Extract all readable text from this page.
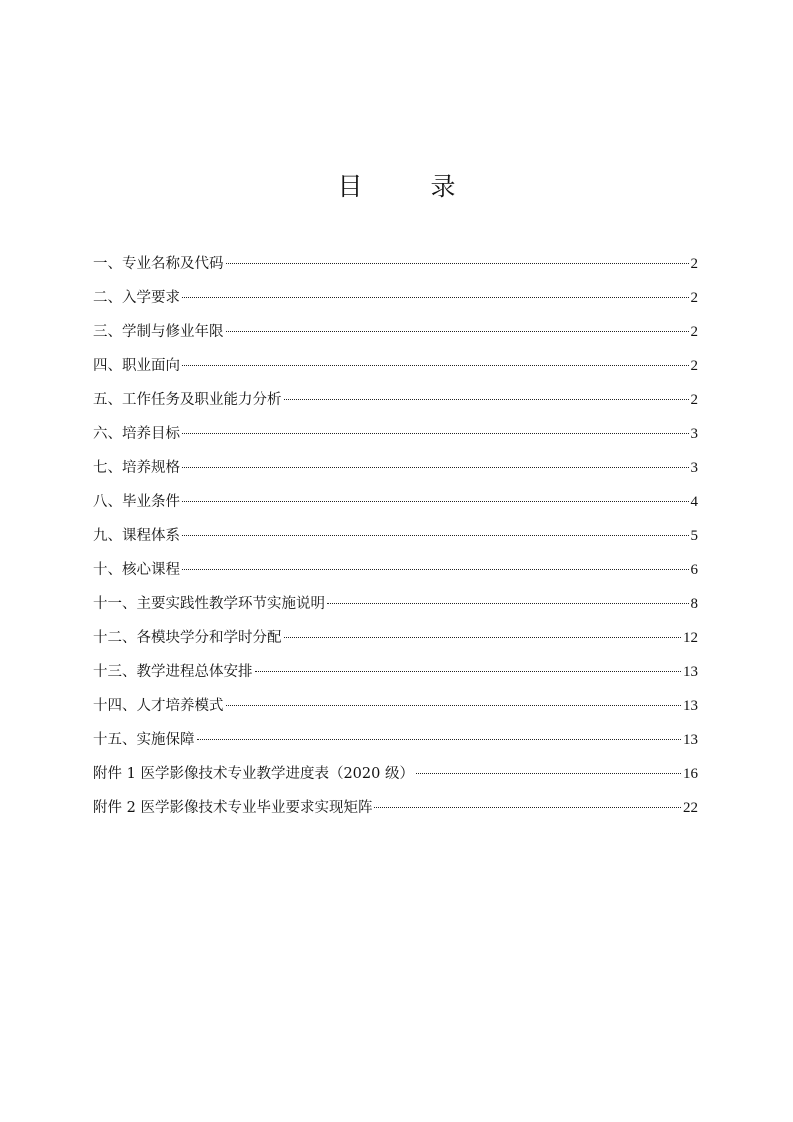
目 录
一、专业名称及代码	2
二、入学要求	2
三、学制与修业年限	2
四、职业面向	2
五、工作任务及职业能力分析	2
六、培养目标	3
七、培养规格	3
八、毕业条件	4
九、课程体系	5
十、核心课程	6
十一、主要实践性教学环节实施说明	8
十二、各模块学分和学时分配	12
十三、教学进程总体安排	13
十四、人才培养模式	13
十五、实施保障	13
附件 1 医学影像技术专业教学进度表（2020 级）	16
附件 2 医学影像技术专业毕业要求实现矩阵	22
